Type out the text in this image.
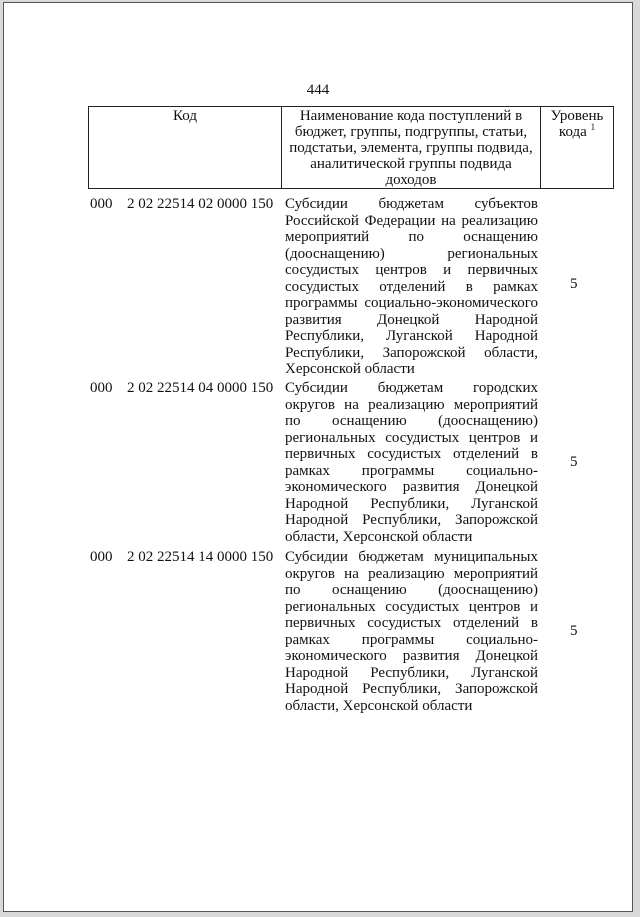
444
Код	Наименование кода поступлений в бюджет, группы, подгруппы, статьи, подстатьи, элемента, группы подвида, аналитической группы подвида доходов	Уровень кода $^1$
000 2 02 22514 02 0000 150 Субсидии бюджетам субъектов Российской Федерации на реализацию мероприятий по оснащению (дооснащению) региональных сосудистых центров и первичных сосудистых отделений в рамках программы социально-экономического развития Донецкой Народной Республики, Луганской Народной Республики, Запорожской области, Херсонской области
5
000 2 02 22514 04 0000 150 Субсидии бюджетам городских округов на реализацию мероприятий по оснащению (дооснащению) региональных сосудистых центров и первичных сосудистых отделений в рамках программы социально-экономического развития Донецкой Народной Республики, Луганской Народной Республики, Запорожской области, Херсонской области
5
000 2 02 22514 14 0000 150 Субсидии бюджетам муниципальных округов на реализацию мероприятий по оснащению (дооснащению) региональных сосудистых центров и первичных сосудистых отделений в рамках программы социально-экономического развития Донецкой Народной Республики, Луганской Народной Республики, Запорожской области, Херсонской области
5
